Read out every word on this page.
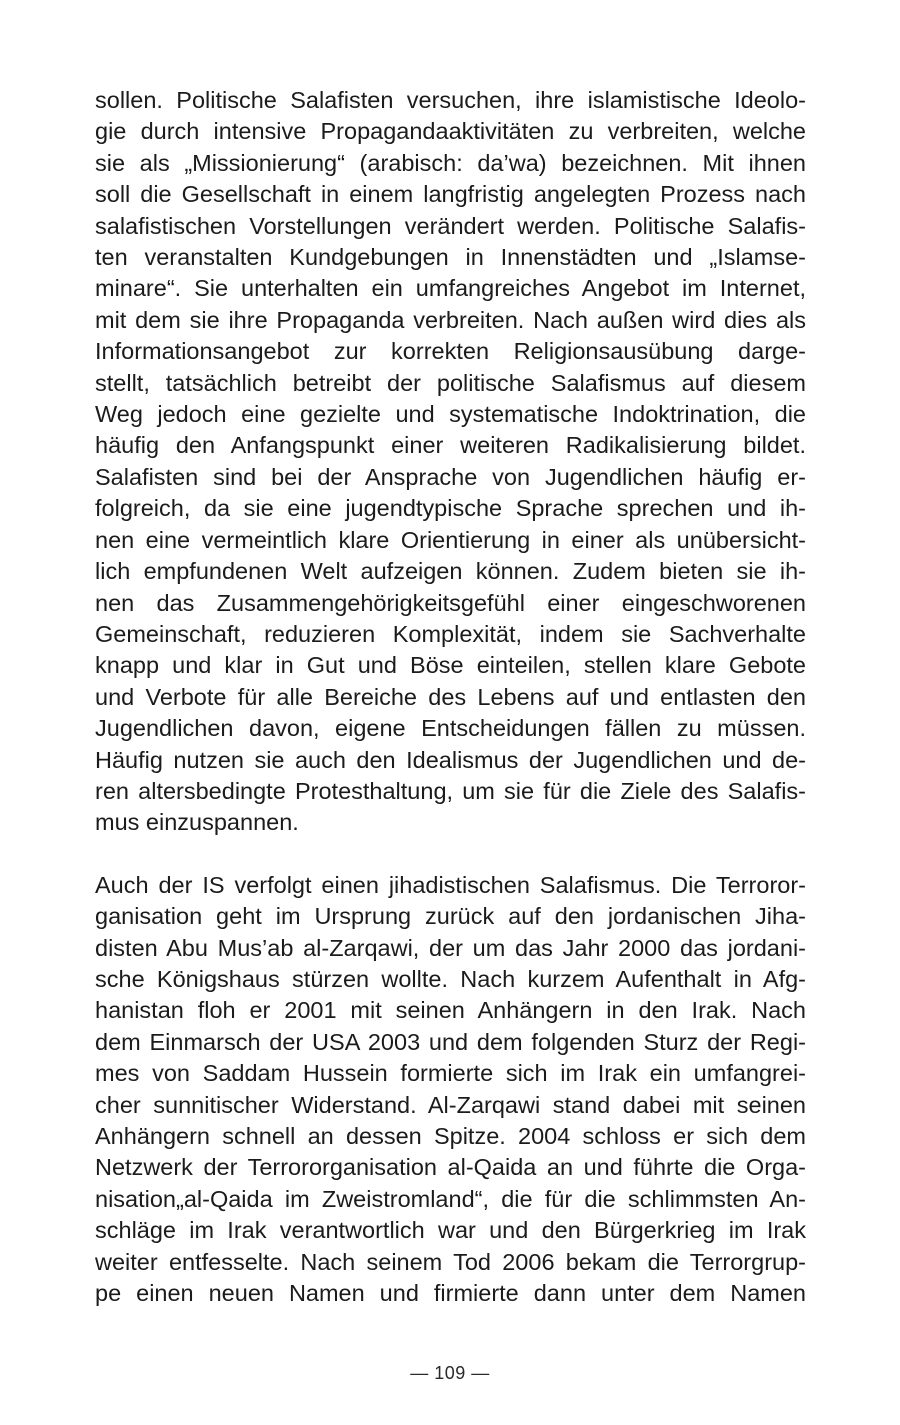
sollen. Politische Salafisten versuchen, ihre islamistische Ideolo-
gie durch intensive Propagandaaktivitäten zu verbreiten, welche
sie als „Missionierung“ (arabisch: da’wa) bezeichnen. Mit ihnen
soll die Gesellschaft in einem langfristig angelegten Prozess nach
salafistischen Vorstellungen verändert werden. Politische Salafis-
ten veranstalten Kundgebungen in Innenstädten und „Islamse-
minare“. Sie unterhalten ein umfangreiches Angebot im Internet,
mit dem sie ihre Propaganda verbreiten. Nach außen wird dies als
Informationsangebot zur korrekten Religionsausübung darge-
stellt, tatsächlich betreibt der politische Salafismus auf diesem
Weg jedoch eine gezielte und systematische Indoktrination, die
häufig den Anfangspunkt einer weiteren Radikalisierung bildet.
Salafisten sind bei der Ansprache von Jugendlichen häufig er-
folgreich, da sie eine jugendtypische Sprache sprechen und ih-
nen eine vermeintlich klare Orientierung in einer als unübersicht-
lich empfundenen Welt aufzeigen können. Zudem bieten sie ih-
nen das Zusammengehörigkeitsgefühl einer eingeschworenen
Gemeinschaft, reduzieren Komplexität, indem sie Sachverhalte
knapp und klar in Gut und Böse einteilen, stellen klare Gebote
und Verbote für alle Bereiche des Lebens auf und entlasten den
Jugendlichen davon, eigene Entscheidungen fällen zu müssen.
Häufig nutzen sie auch den Idealismus der Jugendlichen und de-
ren altersbedingte Protesthaltung, um sie für die Ziele des Salafis-
mus einzuspannen.
Auch der IS verfolgt einen jihadistischen Salafismus. Die Terroror-
ganisation geht im Ursprung zurück auf den jordanischen Jiha-
disten Abu Mus’ab al-Zarqawi, der um das Jahr 2000 das jordani-
sche Königshaus stürzen wollte. Nach kurzem Aufenthalt in Afg-
hanistan floh er 2001 mit seinen Anhängern in den Irak. Nach
dem Einmarsch der USA 2003 und dem folgenden Sturz der Regi-
mes von Saddam Hussein formierte sich im Irak ein umfangrei-
cher sunnitischer Widerstand. Al-Zarqawi stand dabei mit seinen
Anhängern schnell an dessen Spitze. 2004 schloss er sich dem
Netzwerk der Terrororganisation al-Qaida an und führte die Orga-
nisation„al-Qaida im Zweistromland“, die für die schlimmsten An-
schläge im Irak verantwortlich war und den Bürgerkrieg im Irak
weiter entfesselte. Nach seinem Tod 2006 bekam die Terrorgrup-
pe einen neuen Namen und firmierte dann unter dem Namen
— 109 —
